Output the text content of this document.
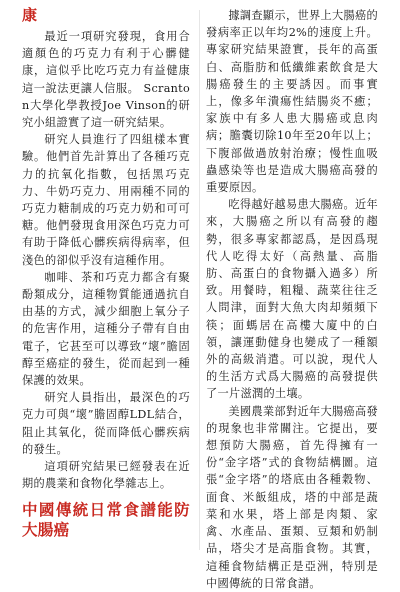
康

最近一項研究發現，食用合適顏色的巧克力有利于心髒健康，這似乎比吃巧克力有益健康這一說法更讓人信服。 Scranton大學化學教授Joe Vinson的研究小組證實了這一研究結果。

研究人員進行了四組樣本實驗。他們首先計算出了各種巧克力的抗氧化指數，包括黑巧克力、牛奶巧克力、用兩種不同的巧克力糖制成的巧克力奶和可可糖。他們發現食用深色巧克力可有助于降低心髒疾病得病率，但淺色的卻似乎沒有這種作用。

咖啡、茶和巧克力都含有聚酚類成分，這種物質能通過抗自由基的方式，減少細胞上氧分子的危害作用，這種分子帶有自由電子，它甚至可以導致“壞”膽固醇至癌症的發生，從而起到一種保護的效果。

研究人員指出，最深色的巧克力可與“壞”膽固醇LDL結合，阻止其氧化，從而降低心髒疾病的發生。

這項研究結果已經發表在近期的農業和食物化學雜志上。

中國傳統日常食譜能防大腸癌

據調查顯示，世界上大腸癌的發病率正以年均2%的速度上升。專家研究結果證實，長年的高蛋白、高脂肪和低纖維素飲食是大腸癌發生的主要誘因。而事實上，像多年潰瘍性結腸炎不癒；家族中有多人患大腸癌或息肉病；膽囊切除10年至20年以上；下腹部做過放射治療；慢性血吸蟲感染等也是造成大腸癌高發的重要原因。

吃得越好越易患大腸癌。近年來，大腸癌之所以有高發的趨勢，很多專家都認爲，是因爲現代人吃得太好（高熱量、高脂肪、高蛋白的食物攝入過多）所致。用餐時，粗糧、蔬菜往往乏人問津，面對大魚大肉却頻頻下筷；面螞居在高樓大廈中的白領，讓運動健身也變成了一種額外的高級消遣。可以說，現代人的生活方式爲大腸癌的高發提供了一片滋潤的土壤。

美國農業部對近年大腸癌高發的現象也非常關注。它提出，要想預防大腸癌，首先得擁有一份“金字塔”式的食物結構圖。這張“金字塔”的塔底由各種穀物、面食、米飯組成，塔的中部是蔬菜和水果，塔上部是肉類、家禽、水產品、蛋類、豆類和奶制品，塔尖才是高脂食物。其實，這種食物結構正是亞洲，特別是中國傳統的日常食譜。
